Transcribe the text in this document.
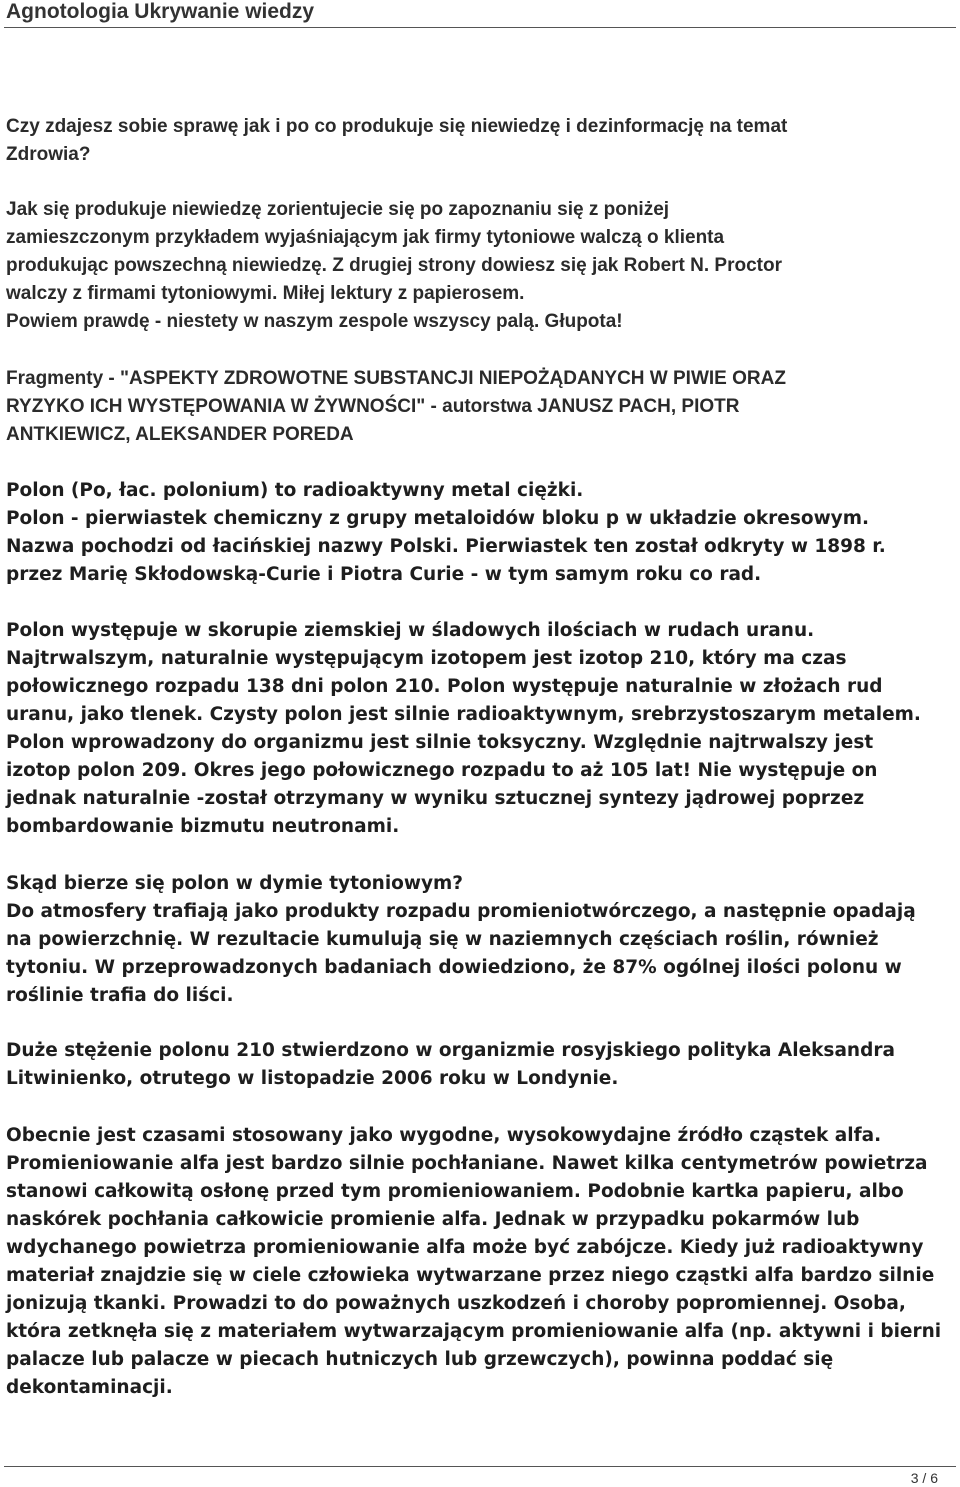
Agnotologia Ukrywanie wiedzy
Czy zdajesz sobie sprawę jak i po co produkuje się niewiedzę i dezinformację na temat
Zdrowia?
Jak się produkuje niewiedzę zorientujecie się po zapoznaniu się z poniżej
zamieszczonym przykładem wyjaśniającym jak firmy tytoniowe walczą o klienta
produkując powszechną niewiedzę. Z drugiej strony dowiesz się jak Robert N. Proctor
walczy z firmami tytoniowymi. Miłej lektury z papierosem.
Powiem prawdę - niestety w naszym zespole wszyscy palą. Głupota!
Fragmenty - "ASPEKTY ZDROWOTNE SUBSTANCJI NIEPOŻĄDANYCH W PIWIE ORAZ
RYZYKO ICH WYSTĘPOWANIA W ŻYWNOŚCI" - autorstwa JANUSZ PACH, PIOTR
ANTKIEWICZ, ALEKSANDER POREDA
Polon (Po, łac. polonium) to radioaktywny metal ciężki.
Polon - pierwiastek chemiczny z grupy metaloidów bloku p w układzie okresowym.
Nazwa pochodzi od łacińskiej nazwy Polski. Pierwiastek ten został odkryty w 1898 r.
przez Marię Skłodowską-Curie i Piotra Curie - w tym samym roku co rad.
Polon występuje w skorupie ziemskiej w śladowych ilościach w rudach uranu.
Najtrwalszym, naturalnie występującym izotopem jest izotop 210, który ma czas
połowicznego rozpadu 138 dni polon 210. Polon występuje naturalnie w złożach rud
uranu, jako tlenek. Czysty polon jest silnie radioaktywnym, srebrzystoszarym metalem.
Polon wprowadzony do organizmu jest silnie toksyczny. Względnie najtrwalszy jest
izotop polon 209. Okres jego połowicznego rozpadu to aż 105 lat! Nie występuje on
jednak naturalnie -został otrzymany w wyniku sztucznej syntezy jądrowej poprzez
bombardowanie bizmutu neutronami.
Skąd bierze się polon w dymie tytoniowym?
Do atmosfery trafiają jako produkty rozpadu promieniotwórczego, a następnie opadają
na powierzchnię. W rezultacie kumulują się w naziemnych częściach roślin, również
tytoniu. W przeprowadzonych badaniach dowiedziono, że 87% ogólnej ilości polonu w
roślinie trafia do liści.
Duże stężenie polonu 210 stwierdzono w organizmie rosyjskiego polityka Aleksandra
Litwinienko, otrutego w listopadzie 2006 roku w Londynie.
Obecnie jest czasami stosowany jako wygodne, wysokowydajne źródło cząstek alfa.
Promieniowanie alfa jest bardzo silnie pochłaniane. Nawet kilka centymetrów powietrza
stanowi całkowitą osłonę przed tym promieniowaniem. Podobnie kartka papieru, albo
naskórek pochłania całkowicie promienie alfa. Jednak w przypadku pokarmów lub
wdychanego powietrza promieniowanie alfa może być zabójcze. Kiedy już radioaktywny
materiał znajdzie się w ciele człowieka wytwarzane przez niego cząstki alfa bardzo silnie
jonizują tkanki. Prowadzi to do poważnych uszkodzeń i choroby popromiennej. Osoba,
która zetknęła się z materiałem wytwarzającym promieniowanie alfa (np. aktywni i bierni
palacze lub palacze w piecach hutniczych lub grzewczych), powinna poddać się
dekontaminacji.
3 / 6
